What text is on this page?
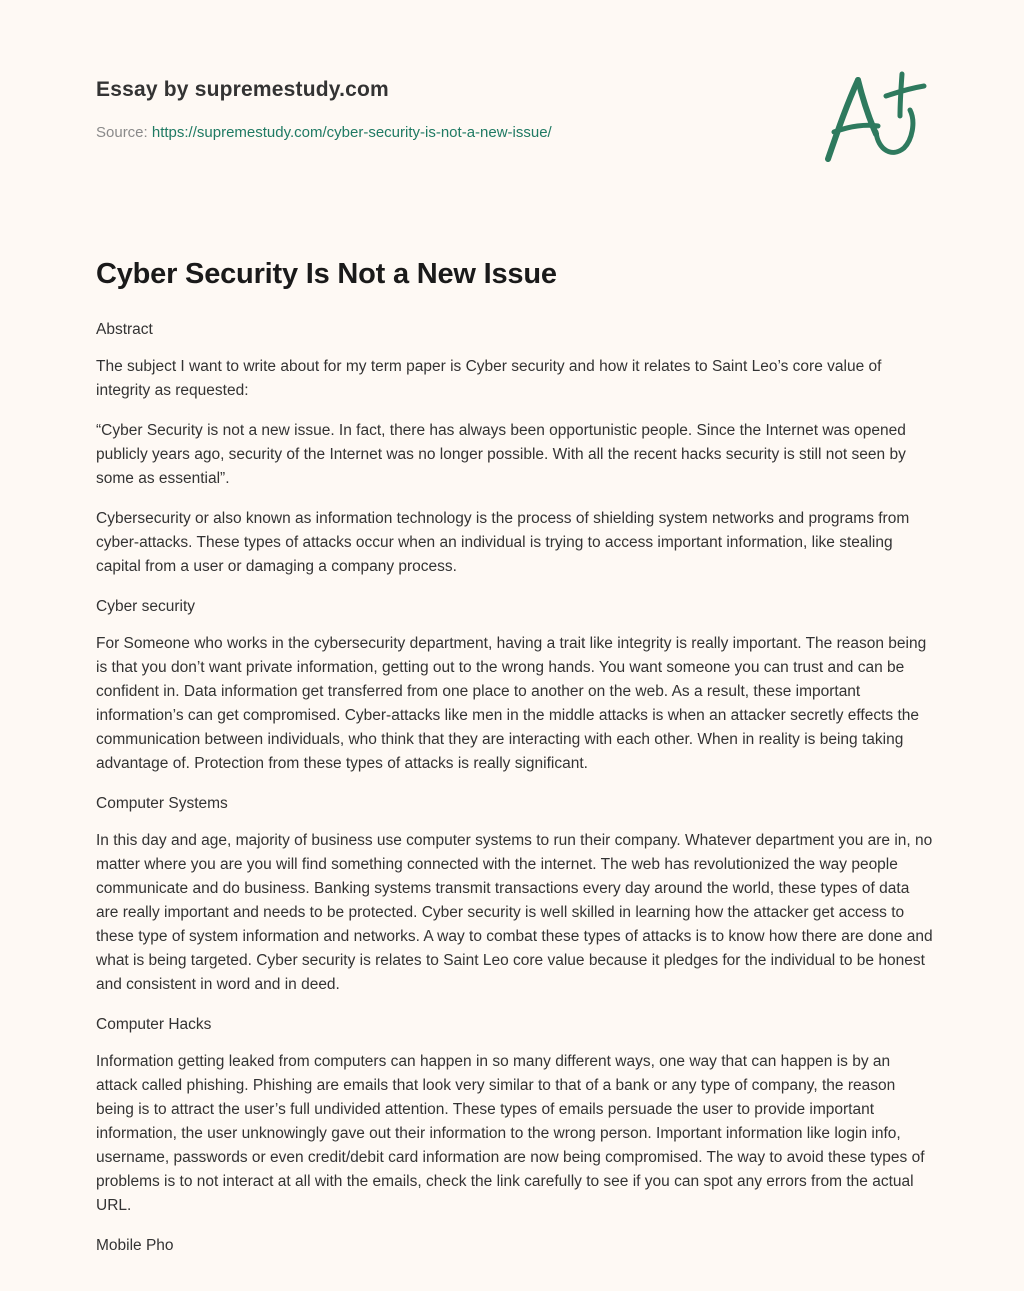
Essay by supremestudy.com
Source: https://supremestudy.com/cyber-security-is-not-a-new-issue/
Cyber Security Is Not a New Issue
Abstract

The subject I want to write about for my term paper is Cyber security and how it relates to Saint Leo’s core value of integrity as requested:

“Cyber Security is not a new issue. In fact, there has always been opportunistic people. Since the Internet was opened publicly years ago, security of the Internet was no longer possible. With all the recent hacks security is still not seen by some as essential”.

Cybersecurity or also known as information technology is the process of shielding system networks and programs from cyber-attacks. These types of attacks occur when an individual is trying to access important information, like stealing capital from a user or damaging a company process.

Cyber security

For Someone who works in the cybersecurity department, having a trait like integrity is really important. The reason being is that you don’t want private information, getting out to the wrong hands. You want someone you can trust and can be confident in. Data information get transferred from one place to another on the web. As a result, these important information’s can get compromised. Cyber-attacks like men in the middle attacks is when an attacker secretly effects the communication between individuals, who think that they are interacting with each other. When in reality is being taking advantage of. Protection from these types of attacks is really significant.

Computer Systems

In this day and age, majority of business use computer systems to run their company. Whatever department you are in, no matter where you are you will find something connected with the internet. The web has revolutionized the way people communicate and do business. Banking systems transmit transactions every day around the world, these types of data are really important and needs to be protected. Cyber security is well skilled in learning how the attacker get access to these type of system information and networks. A way to combat these types of attacks is to know how there are done and what is being targeted. Cyber security is relates to Saint Leo core value because it pledges for the individual to be honest and consistent in word and in deed.

Computer Hacks

Information getting leaked from computers can happen in so many different ways, one way that can happen is by an attack called phishing. Phishing are emails that look very similar to that of a bank or any type of company, the reason being is to attract the user’s full undivided attention. These types of emails persuade the user to provide important information, the user unknowingly gave out their information to the wrong person. Important information like login info, username, passwords or even credit/debit card information are now being compromised. The way to avoid these types of problems is to not interact at all with the emails, check the link carefully to see if you can spot any errors from the actual URL.

Mobile Pho
